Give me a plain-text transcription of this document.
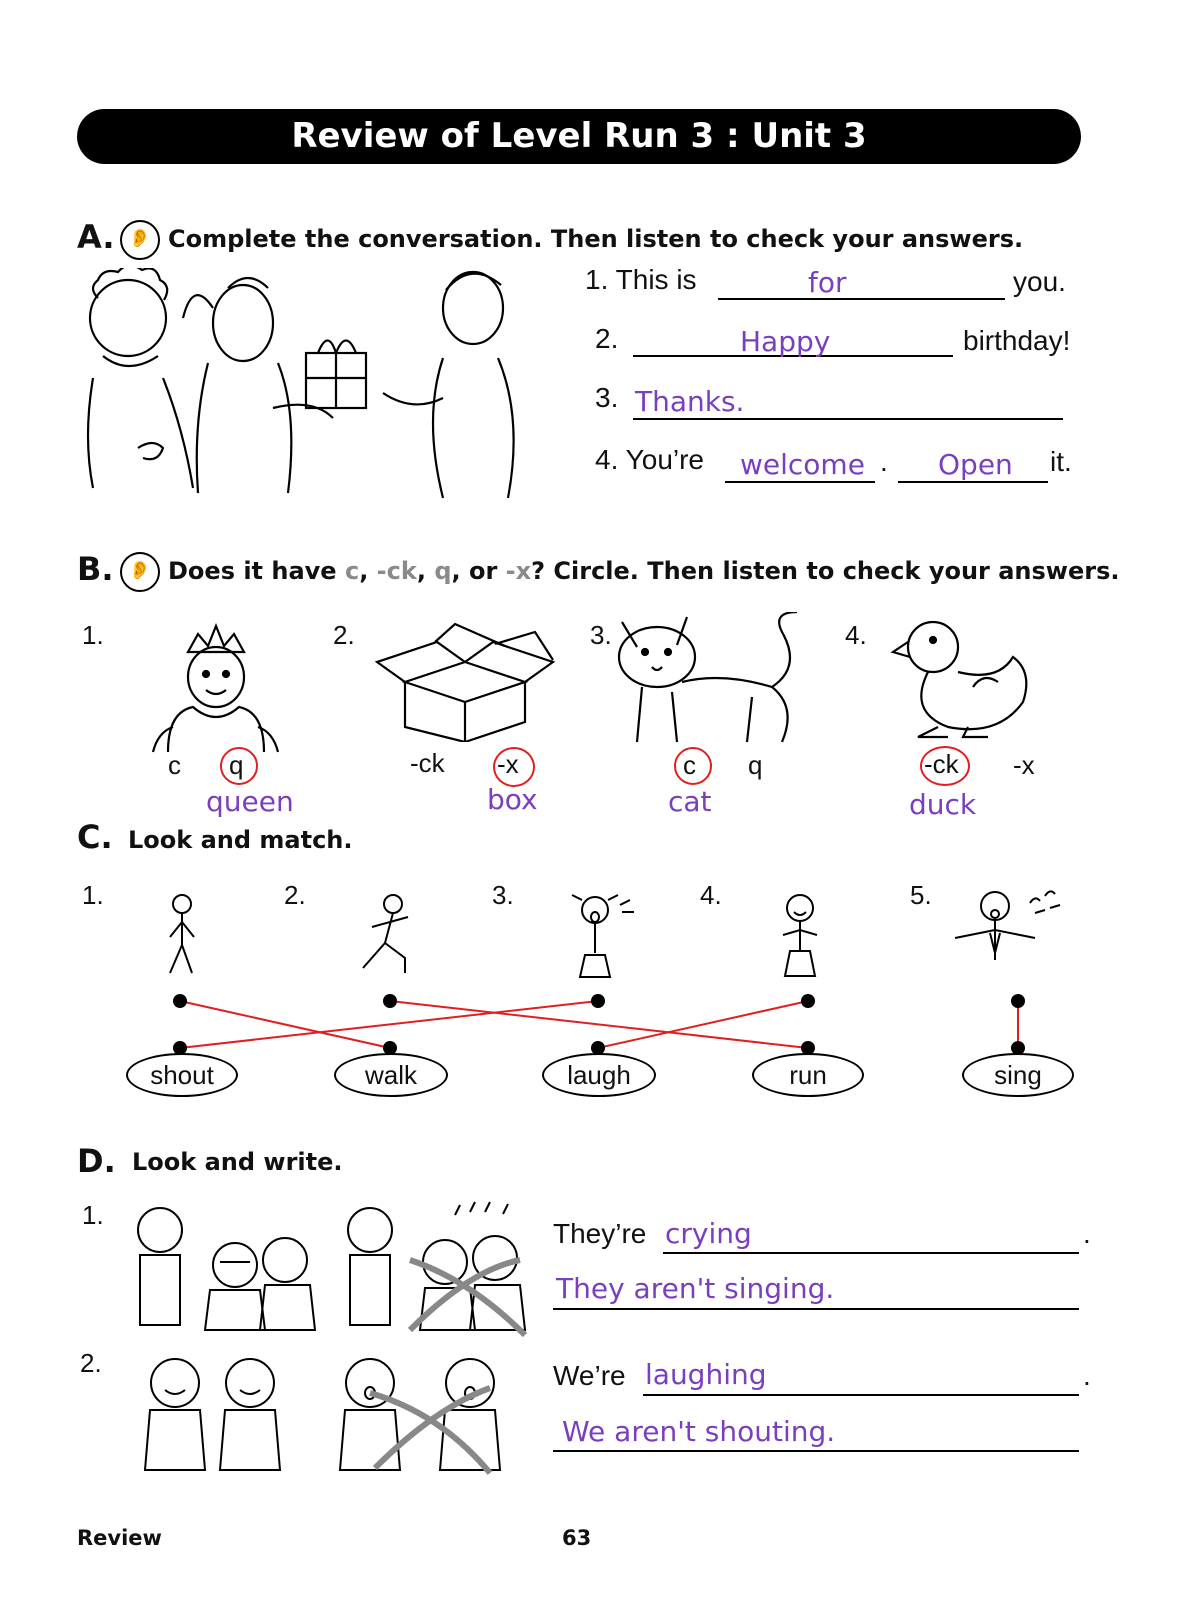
Review of Level Run 3 : Unit 3
A. 👂 Complete the conversation. Then listen to check your answers.
1. This is	for	you.
2.	Happy	birthday!
3. Thanks.
4. You’re welcome . Open it.
B. 👂 Does it have c, -ck, q, or -x? Circle. Then listen to check your answers.
1.	2.	3.	4.
c q
queen
-ck -x
box
c q
cat
-ck -x
duck
C. Look and match.
1.	2.	3.	4.	5.
shout	walk	laugh	run	sing
D. Look and write.
1.
2.
They’re crying	.
They aren't singing.
We’re laughing	.
We aren't shouting.
Review	63
